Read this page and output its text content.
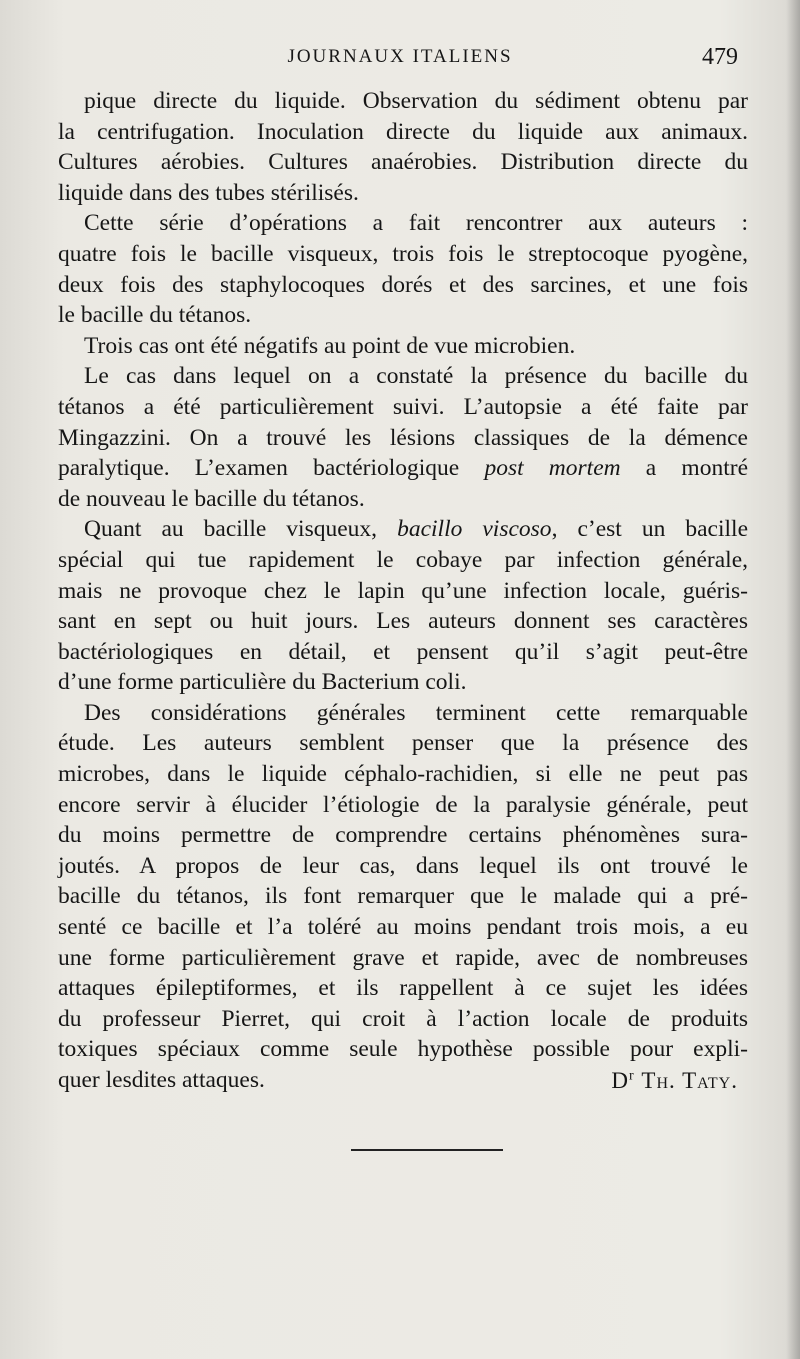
JOURNAUX ITALIENS	479
pique directe du liquide. Observation du sédiment obtenu par
la centrifugation. Inoculation directe du liquide aux animaux.
Cultures aérobies. Cultures anaérobies. Distribution directe du
liquide dans des tubes stérilisés.
Cette série d’opérations a fait rencontrer aux auteurs :
quatre fois le bacille visqueux, trois fois le streptocoque pyogène,
deux fois des staphylocoques dorés et des sarcines, et une fois
le bacille du tétanos.
Trois cas ont été négatifs au point de vue microbien.
Le cas dans lequel on a constaté la présence du bacille du
tétanos a été particulièrement suivi. L’autopsie a été faite par
Mingazzini. On a trouvé les lésions classiques de la démence
paralytique. L’examen bactériologique post mortem a montré
de nouveau le bacille du tétanos.
Quant au bacille visqueux, bacillo viscoso, c’est un bacille
spécial qui tue rapidement le cobaye par infection générale,
mais ne provoque chez le lapin qu’une infection locale, guéris-
sant en sept ou huit jours. Les auteurs donnent ses caractères
bactériologiques en détail, et pensent qu’il s’agit peut-être
d’une forme particulière du Bacterium coli.
Des considérations générales terminent cette remarquable
étude. Les auteurs semblent penser que la présence des
microbes, dans le liquide céphalo-rachidien, si elle ne peut pas
encore servir à élucider l’étiologie de la paralysie générale, peut
du moins permettre de comprendre certains phénomènes sura-
joutés. A propos de leur cas, dans lequel ils ont trouvé le
bacille du tétanos, ils font remarquer que le malade qui a pré-
senté ce bacille et l’a toléré au moins pendant trois mois, a eu
une forme particulièrement grave et rapide, avec de nombreuses
attaques épileptiformes, et ils rappellent à ce sujet les idées
du professeur Pierret, qui croit à l’action locale de produits
toxiques spéciaux comme seule hypothèse possible pour expli-
quer lesdites attaques.	$D^r$ Th. Taty.
